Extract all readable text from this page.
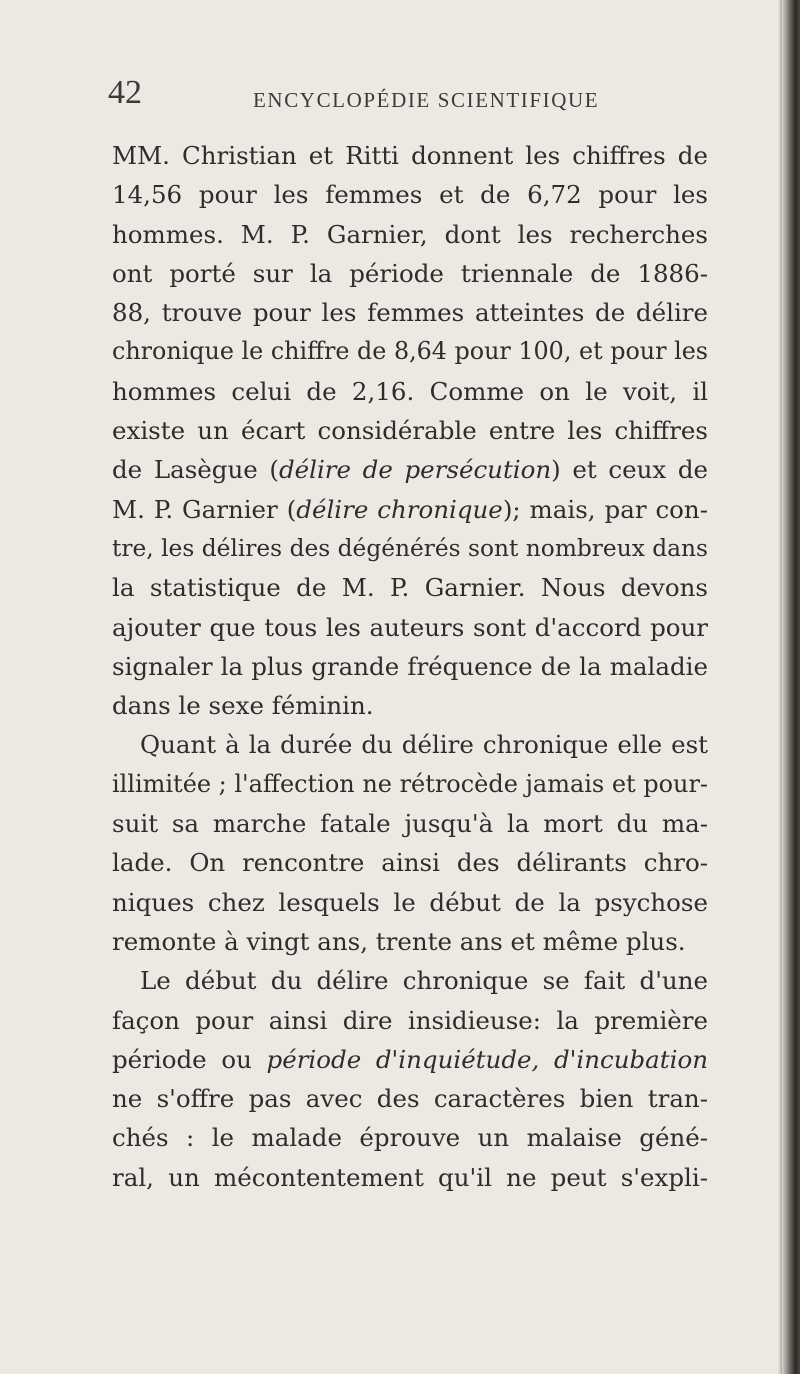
42	ENCYCLOPÉDIE SCIENTIFIQUE
MM. Christian et Ritti donnent les chiffres de
14,56 pour les femmes et de 6,72 pour les
hommes. M. P. Garnier, dont les recherches
ont porté sur la période triennale de 1886-
88, trouve pour les femmes atteintes de délire
chronique le chiffre de 8,64 pour 100, et pour les
hommes celui de 2,16. Comme on le voit, il
existe un écart considérable entre les chiffres
de Lasègue (délire de persécution) et ceux de
M. P. Garnier (délire chronique); mais, par con-
tre, les délires des dégénérés sont nombreux dans
la statistique de M. P. Garnier. Nous devons
ajouter que tous les auteurs sont d'accord pour
signaler la plus grande fréquence de la maladie
dans le sexe féminin.
Quant à la durée du délire chronique elle est
illimitée ; l'affection ne rétrocède jamais et pour-
suit sa marche fatale jusqu'à la mort du ma-
lade. On rencontre ainsi des délirants chro-
niques chez lesquels le début de la psychose
remonte à vingt ans, trente ans et même plus.
Le début du délire chronique se fait d'une
façon pour ainsi dire insidieuse: la première
période ou période d'inquiétude, d'incubation
ne s'offre pas avec des caractères bien tran-
chés : le malade éprouve un malaise géné-
ral, un mécontentement qu'il ne peut s'expli-
